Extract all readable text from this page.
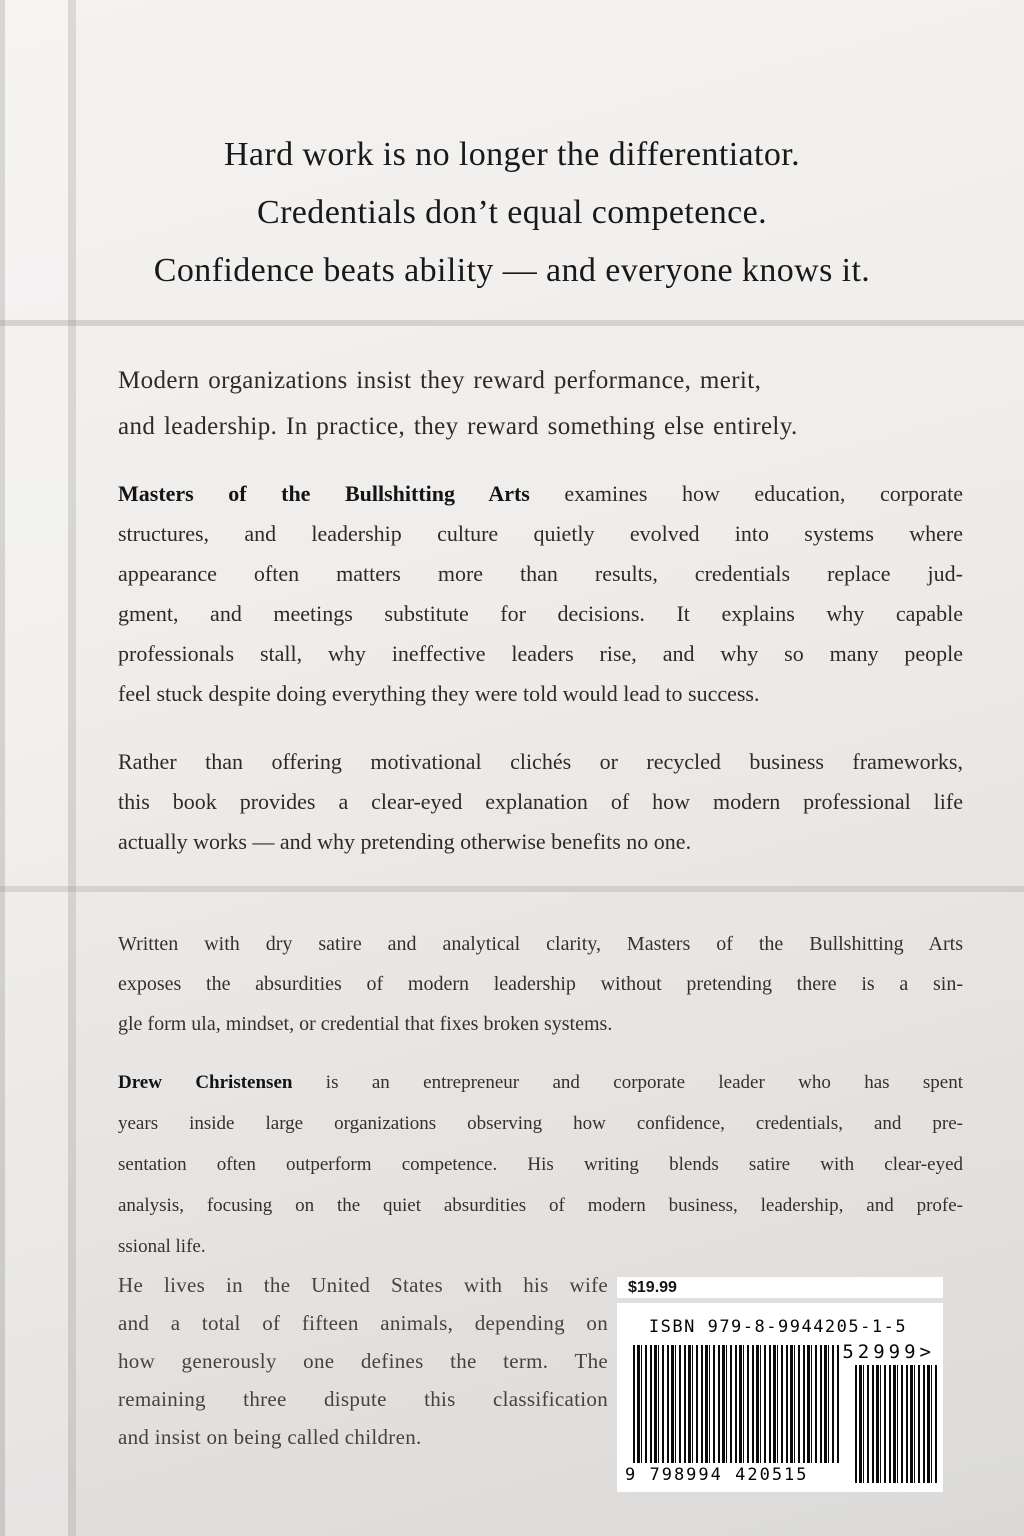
Hard work is no longer the differentiator.
Credentials don’t equal competence.
Confidence beats ability — and everyone knows it.
Modern organizations insist they reward performance, merit,
and leadership. In practice, they reward something else entirely.
Masters of the Bullshitting Arts examines how education, corporate
structures, and leadership culture quietly evolved into systems where
appearance often matters more than results, credentials replace jud-
gment, and meetings substitute for decisions. It explains why capable
professionals stall, why ineffective leaders rise, and why so many people
feel stuck despite doing everything they were told would lead to success.
Rather than offering motivational clichés or recycled business frameworks,
this book provides a clear-eyed explanation of how modern professional life
actually works — and why pretending otherwise benefits no one.
Written with dry satire and analytical clarity, Masters of the Bullshitting Arts
exposes the absurdities of modern leadership without pretending there is a sin-
gle form ula, mindset, or credential that fixes broken systems.
Drew Christensen is an entrepreneur and corporate leader who has spent
years inside large organizations observing how confidence, credentials, and pre-
sentation often outperform competence. His writing blends satire with clear-eyed
analysis, focusing on the quiet absurdities of modern business, leadership, and profe-
ssional life.
He lives in the United States with his wife
and a total of fifteen animals, depending on
how generously one defines the term. The
remaining three dispute this classification
and insist on being called children.
$19.99
ISBN 979-8-9944205-1-5
52999>
9 798994 420515
